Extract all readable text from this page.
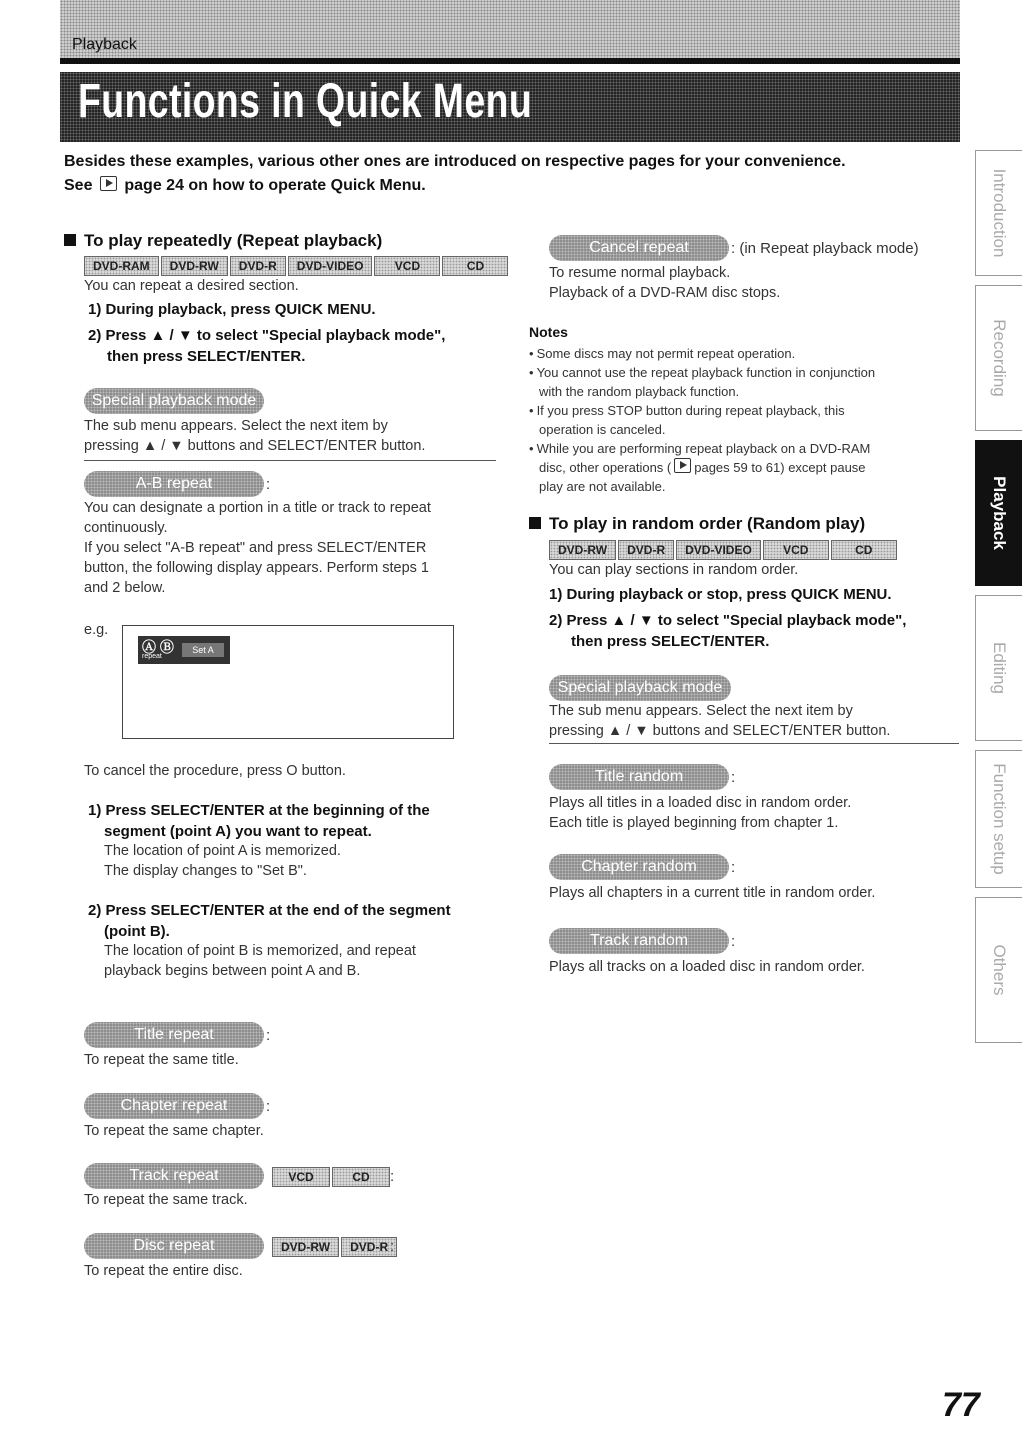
Playback
Functions in Quick Menu
Besides these examples, various other ones are introduced on respective pages for your convenience.
See page 24 on how to operate Quick Menu.
To play repeatedly (Repeat playback)
DVD-RAM	DVD-RW	DVD-R	DVD-VIDEO	VCD	CD
You can repeat a desired section.
1) During playback, press QUICK MENU.
2) Press ▲ / ▼ to select "Special playback mode",
then press SELECT/ENTER.
Special playback mode
The sub menu appears. Select the next item by
pressing ▲ / ▼ buttons and SELECT/ENTER button.
A-B repeat	:
You can designate a portion in a title or track to repeat
continuously.
If you select "A-B repeat" and press SELECT/ENTER
button, the following display appears. Perform steps 1
and 2 below.
e.g.
Ⓐ Ⓑ
repeat
Set A
To cancel the procedure, press O button.
1) Press SELECT/ENTER at the beginning of the
segment (point A) you want to repeat.
The location of point A is memorized.
The display changes to "Set B".
2) Press SELECT/ENTER at the end of the segment
(point B).
The location of point B is memorized, and repeat
playback begins between point A and B.
Title repeat	:
To repeat the same title.
Chapter repeat	:
To repeat the same chapter.
Track repeat	VCD	CD	:
To repeat the same track.
Disc repeat	DVD-RW	DVD-R :
To repeat the entire disc.
Cancel repeat	: (in Repeat playback mode)
To resume normal playback.
Playback of a DVD-RAM disc stops.
Notes
• Some discs may not permit repeat operation.
• You cannot use the repeat playback function in conjunction
with the random playback function.
• If you press STOP button during repeat playback, this
operation is canceled.
• While you are performing repeat playback on a DVD-RAM
disc, other operations ( pages 59 to 61) except pause
play are not available.
To play in random order (Random play)
DVD-RW	DVD-R	DVD-VIDEO	VCD	CD
You can play sections in random order.
1) During playback or stop, press QUICK MENU.
2) Press ▲ / ▼ to select "Special playback mode",
then press SELECT/ENTER.
Special playback mode
The sub menu appears. Select the next item by
pressing ▲ / ▼ buttons and SELECT/ENTER button.
Title random	:
Plays all titles in a loaded disc in random order.
Each title is played beginning from chapter 1.
Chapter random	:
Plays all chapters in a current title in random order.
Track random	:
Plays all tracks on a loaded disc in random order.
Introduction
Recording
Playback
Editing
Function setup
Others
77
